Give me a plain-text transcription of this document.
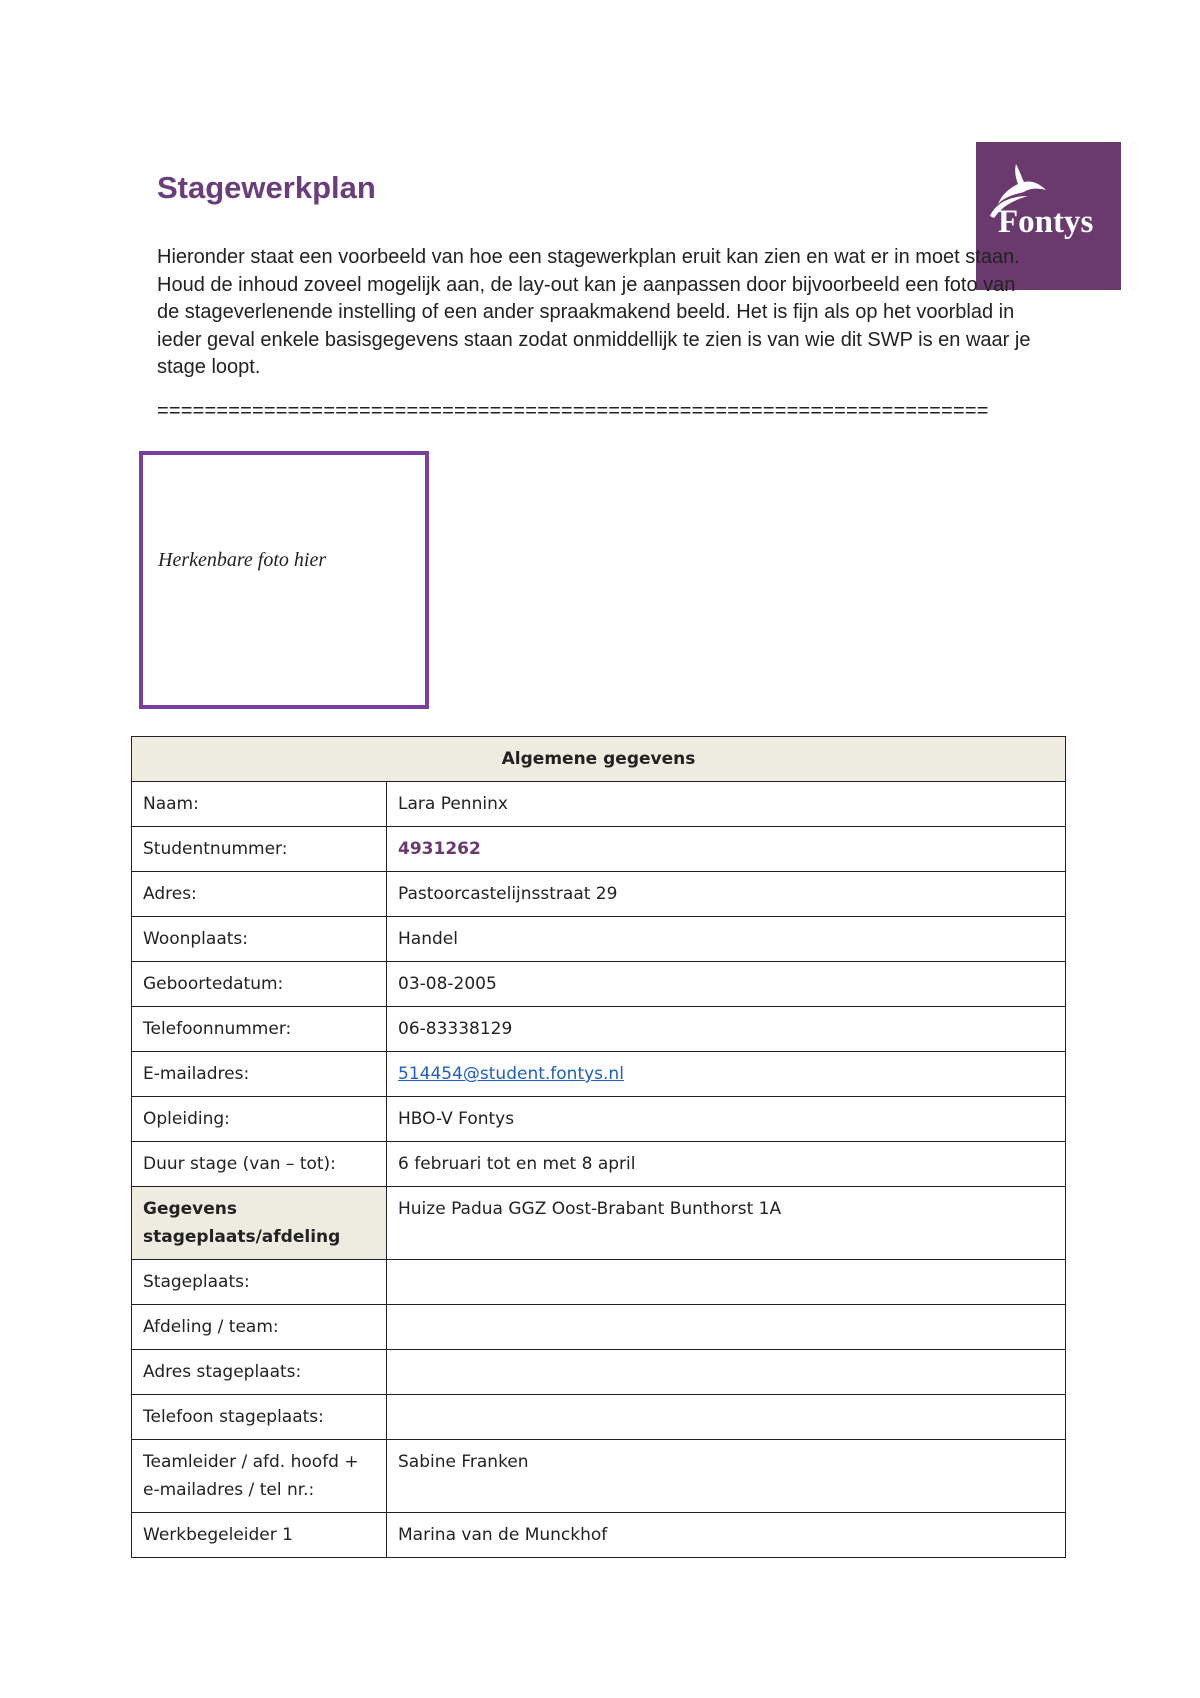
Stagewerkplan
Fontys

Hieronder staat een voorbeeld van hoe een stagewerkplan eruit kan zien en wat er in moet staan. Houd de inhoud zoveel mogelijk aan, de lay-out kan je aanpassen door bijvoorbeeld een foto van de stageverlenende instelling of een ander spraakmakend beeld. Het is fijn als op het voorblad in ieder geval enkele basisgegevens staan zodat onmiddellijk te zien is van wie dit SWP is en waar je stage loopt.

======================================================================
Herkenbare foto hier
Algemene gegevens	
Naam:	Lara Penninx
Studentnummer:	4931262
Adres:	Pastoorcastelijnsstraat 29
Woonplaats:	Handel
Geboortedatum:	03-08-2005
Telefoonnummer:	06-83338129
E-mailadres:	514454@student.fontys.nl
Opleiding:	HBO-V Fontys
Duur stage (van – tot):	6 februari tot en met 8 april
Gegevens stageplaats/afdeling	Huize Padua GGZ Oost-Brabant Bunthorst 1A
Stageplaats:	
Afdeling / team:	
Adres stageplaats:	
Telefoon stageplaats:	
Teamleider / afd. hoofd + e-mailadres / tel nr.:	Sabine Franken
Werkbegeleider 1	Marina van de Munckhof
